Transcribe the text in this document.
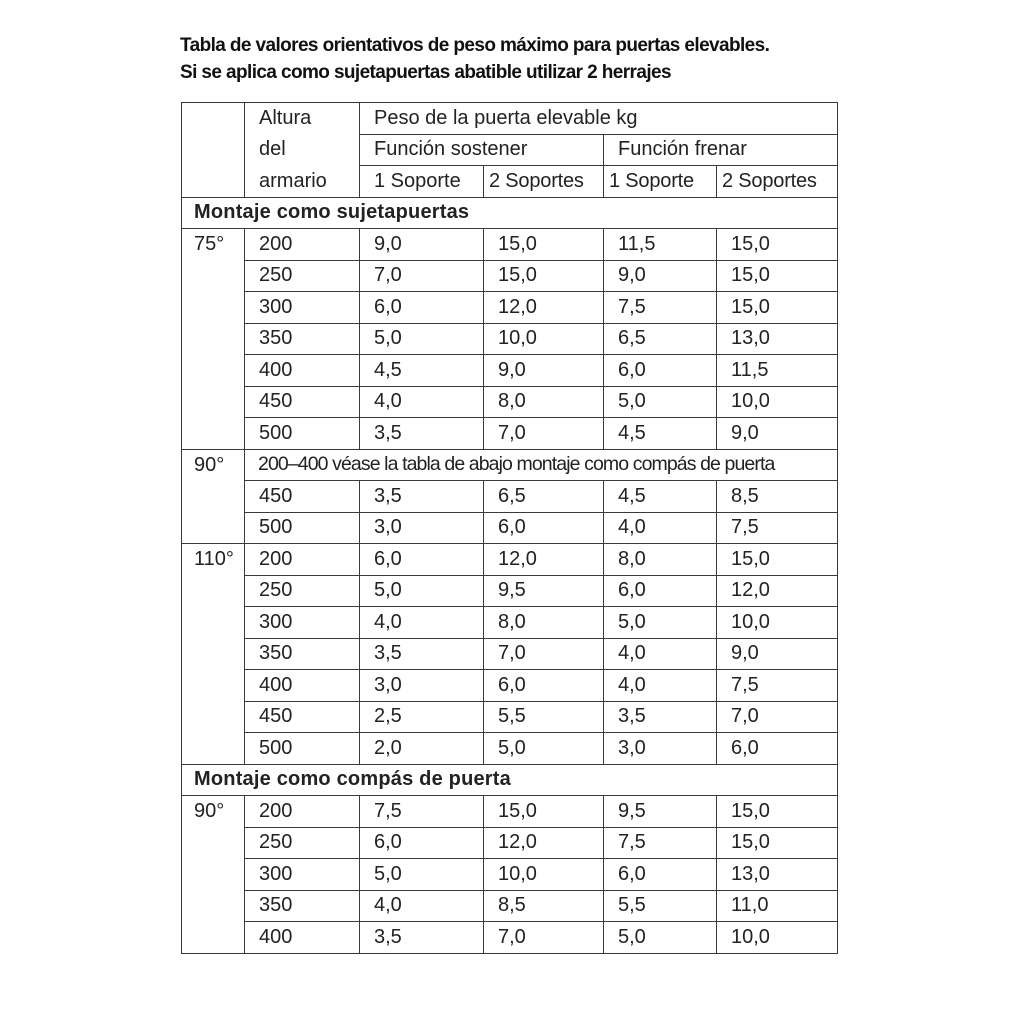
Tabla de valores orientativos de peso máximo para puertas elevables.
Si se aplica como sujetapuertas abatible utilizar 2 herrajes
	Altura	Peso de la puerta elevable kg			
	del	Función sostener		Función frenar	
	armario	1 Soporte	2 Soportes	1 Soporte	2 Soportes
Montaje como sujetapuertas					
75°	200	9,0	15,0	11,5	15,0
	250	7,0	15,0	9,0	15,0
	300	6,0	12,0	7,5	15,0
	350	5,0	10,0	6,5	13,0
	400	4,5	9,0	6,0	11,5
	450	4,0	8,0	5,0	10,0
	500	3,5	7,0	4,5	9,0
90°	200–400 véase la tabla de abajo montaje como compás de puerta				
	450	3,5	6,5	4,5	8,5
	500	3,0	6,0	4,0	7,5
110°	200	6,0	12,0	8,0	15,0
	250	5,0	9,5	6,0	12,0
	300	4,0	8,0	5,0	10,0
	350	3,5	7,0	4,0	9,0
	400	3,0	6,0	4,0	7,5
	450	2,5	5,5	3,5	7,0
	500	2,0	5,0	3,0	6,0
Montaje como compás de puerta					
90°	200	7,5	15,0	9,5	15,0
	250	6,0	12,0	7,5	15,0
	300	5,0	10,0	6,0	13,0
	350	4,0	8,5	5,5	11,0
	400	3,5	7,0	5,0	10,0
